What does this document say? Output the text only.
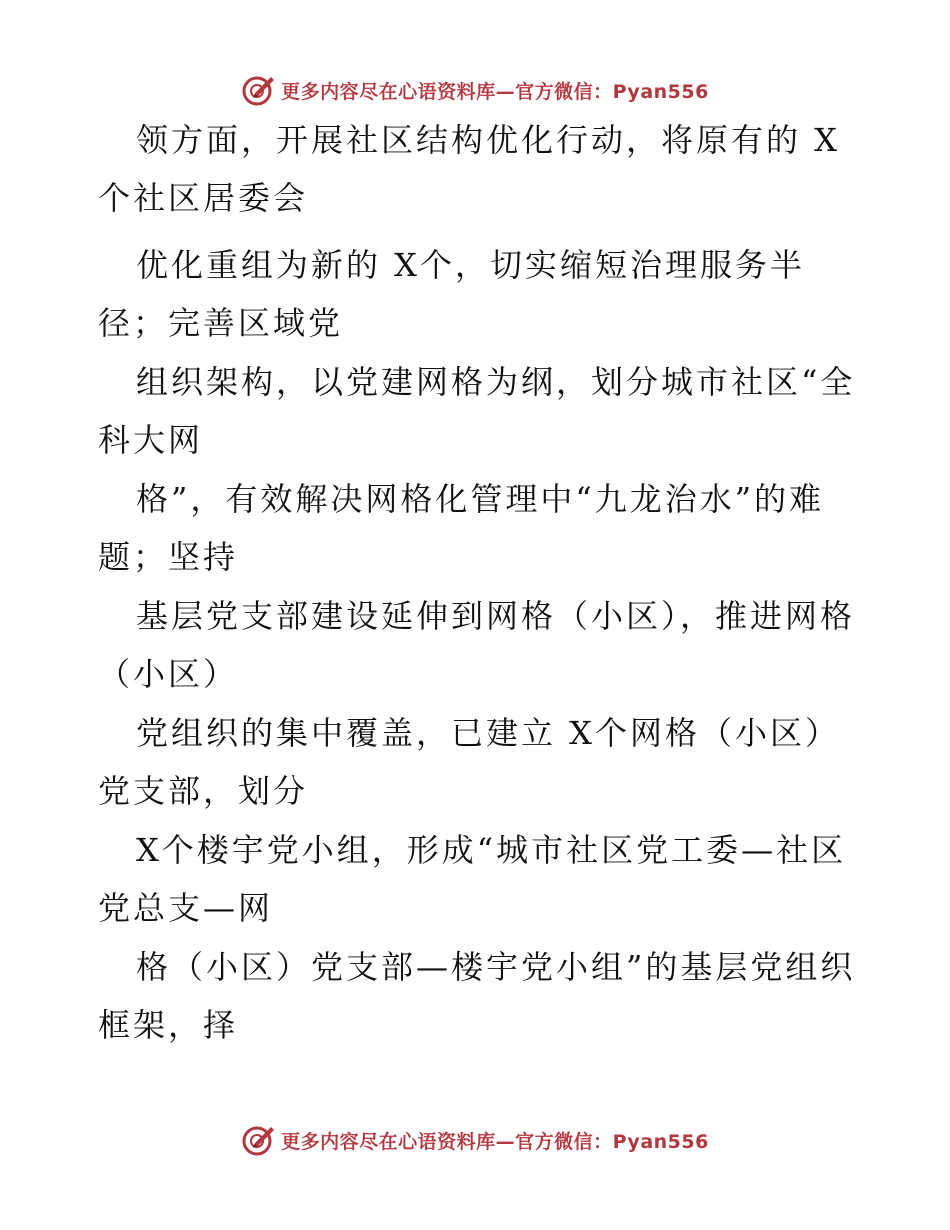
更多内容尽在心语资料库—官方微信：Pyan556
领方面，开展社区结构优化行动，将原有的 X
个社区居委会
优化重组为新的 X个，切实缩短治理服务半
径；完善区域党
组织架构，以党建网格为纲，划分城市社区“全
科大网
格”，有效解决网格化管理中“九龙治水”的难
题；坚持
基层党支部建设延伸到网格（小区），推进网格
（小区）
党组织的集中覆盖，已建立 X个网格（小区）
党支部，划分
X个楼宇党小组，形成“城市社区党工委—社区
党总支—网
格（小区）党支部—楼宇党小组”的基层党组织
框架，择
更多内容尽在心语资料库—官方微信：Pyan556
